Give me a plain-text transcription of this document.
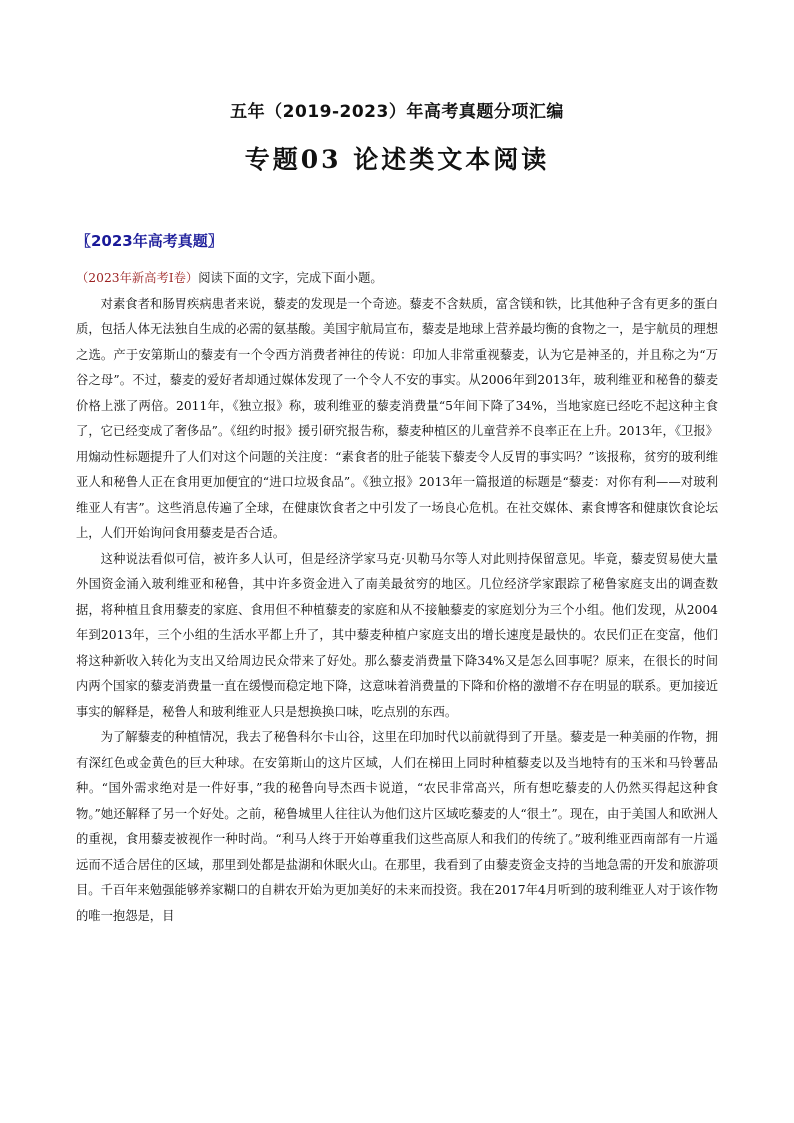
五年（2019-2023）年高考真题分项汇编
专题03 论述类文本阅读
〖2023年高考真题〗

（2023年新高考Ⅰ卷）阅读下面的文字，完成下面小题。

对素食者和肠胃疾病患者来说，藜麦的发现是一个奇迹。藜麦不含麸质，富含镁和铁，比其他种子含有更多的蛋白质，包括人体无法独自生成的必需的氨基酸。美国宇航局宣布，藜麦是地球上营养最均衡的食物之一，是宇航员的理想之选。产于安第斯山的藜麦有一个令西方消费者神往的传说：印加人非常重视藜麦，认为它是神圣的，并且称之为“万谷之母”。不过，藜麦的爱好者却通过媒体发现了一个令人不安的事实。从2006年到2013年，玻利维亚和秘鲁的藜麦价格上涨了两倍。2011年，《独立报》称，玻利维亚的藜麦消费量“5年间下降了34%，当地家庭已经吃不起这种主食了，它已经变成了奢侈品”。《纽约时报》援引研究报告称，藜麦种植区的儿童营养不良率正在上升。2013年，《卫报》用煽动性标题提升了人们对这个问题的关注度：“素食者的肚子能装下藜麦令人反胃的事实吗？”该报称，贫穷的玻利维亚人和秘鲁人正在食用更加便宜的“进口垃圾食品”。《独立报》2013年一篇报道的标题是“藜麦：对你有利——对玻利维亚人有害”。这些消息传遍了全球，在健康饮食者之中引发了一场良心危机。在社交媒体、素食博客和健康饮食论坛上，人们开始询问食用藜麦是否合适。

这种说法看似可信，被许多人认可，但是经济学家马克·贝勒马尔等人对此则持保留意见。毕竟，藜麦贸易使大量外国资金涌入玻利维亚和秘鲁，其中许多资金进入了南美最贫穷的地区。几位经济学家跟踪了秘鲁家庭支出的调查数据，将种植且食用藜麦的家庭、食用但不种植藜麦的家庭和从不接触藜麦的家庭划分为三个小组。他们发现，从2004年到2013年，三个小组的生活水平都上升了，其中藜麦种植户家庭支出的增长速度是最快的。农民们正在变富，他们将这种新收入转化为支出又给周边民众带来了好处。那么藜麦消费量下降34%又是怎么回事呢？原来，在很长的时间内两个国家的藜麦消费量一直在缓慢而稳定地下降，这意味着消费量的下降和价格的激增不存在明显的联系。更加接近事实的解释是，秘鲁人和玻利维亚人只是想换换口味，吃点别的东西。

为了解藜麦的种植情况，我去了秘鲁科尔卡山谷，这里在印加时代以前就得到了开垦。藜麦是一种美丽的作物，拥有深红色或金黄色的巨大种球。在安第斯山的这片区域，人们在梯田上同时种植藜麦以及当地特有的玉米和马铃薯品种。“国外需求绝对是一件好事，”我的秘鲁向导杰西卡说道，“农民非常高兴，所有想吃藜麦的人仍然买得起这种食物。”她还解释了另一个好处。之前，秘鲁城里人往往认为他们这片区域吃藜麦的人“很土”。现在，由于美国人和欧洲人的重视，食用藜麦被视作一种时尚。“利马人终于开始尊重我们这些高原人和我们的传统了。”玻利维亚西南部有一片遥远而不适合居住的区域，那里到处都是盐湖和休眠火山。在那里，我看到了由藜麦资金支持的当地急需的开发和旅游项目。千百年来勉强能够养家糊口的自耕农开始为更加美好的未来而投资。我在2017年4月听到的玻利维亚人对于该作物的唯一抱怨是，目
